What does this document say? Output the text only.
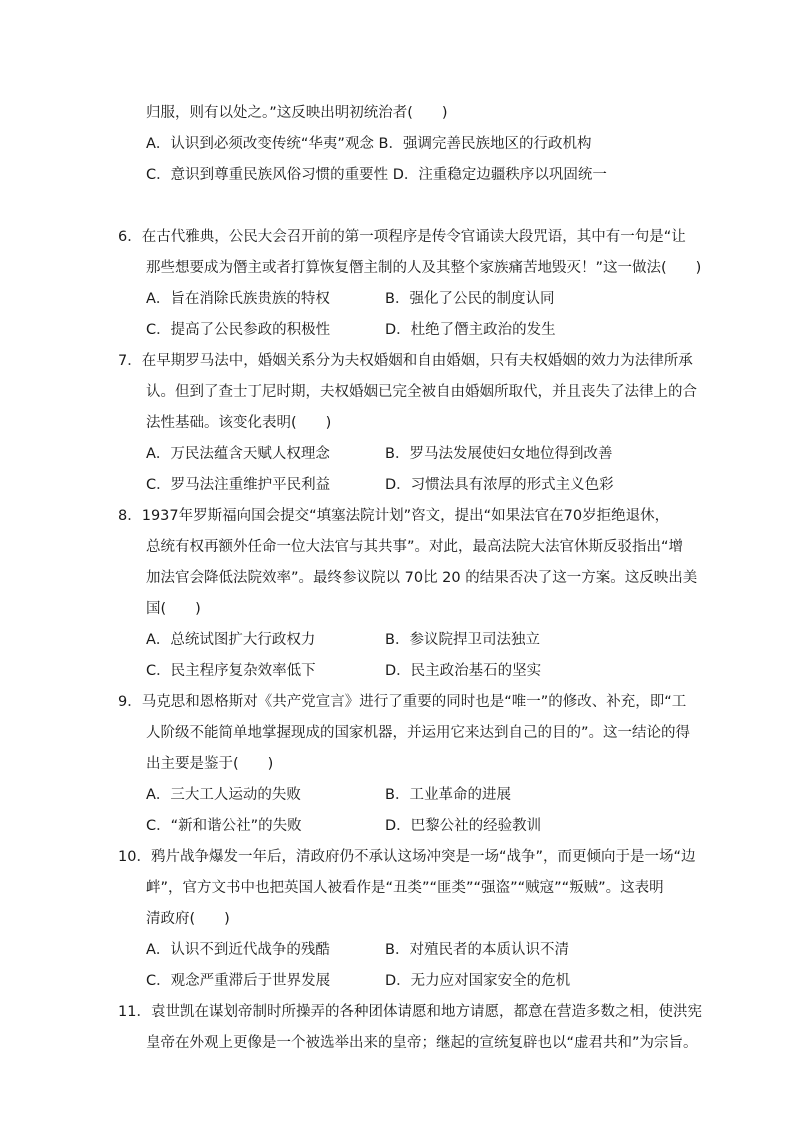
归服，则有以处之。”这反映出明初统治者(　　)
A．认识到必须改变传统“华夷”观念 B．强调完善民族地区的行政机构
C．意识到尊重民族风俗习惯的重要性 D．注重稳定边疆秩序以巩固统一
6．在古代雅典，公民大会召开前的第一项程序是传令官诵读大段咒语，其中有一句是“让
那些想要成为僭主或者打算恢复僭主制的人及其整个家族痛苦地毁灭！”这一做法(　　)
A．旨在消除氏族贵族的特权	B．强化了公民的制度认同
C．提高了公民参政的积极性	D．杜绝了僭主政治的发生
7．在早期罗马法中，婚姻关系分为夫权婚姻和自由婚姻，只有夫权婚姻的效力为法律所承
认。但到了查士丁尼时期，夫权婚姻已完全被自由婚姻所取代，并且丧失了法律上的合
法性基础。该变化表明(　　)
A．万民法蕴含天赋人权理念	B．罗马法发展使妇女地位得到改善
C．罗马法注重维护平民利益	D．习惯法具有浓厚的形式主义色彩
8．1937年罗斯福向国会提交“填塞法院计划”咨文，提出“如果法官在70岁拒绝退休，
总统有权再额外任命一位大法官与其共事”。对此，最高法院大法官休斯反驳指出“增
加法官会降低法院效率”。最终参议院以 70比 20 的结果否决了这一方案。这反映出美
国(　　)
A．总统试图扩大行政权力	B．参议院捍卫司法独立
C．民主程序复杂效率低下	D．民主政治基石的坚实
9．马克思和恩格斯对《共产党宣言》进行了重要的同时也是“唯一”的修改、补充，即“工
人阶级不能简单地掌握现成的国家机器，并运用它来达到自己的目的”。这一结论的得
出主要是鉴于(　　)
A．三大工人运动的失败	B．工业革命的进展
C．“新和谐公社”的失败	D．巴黎公社的经验教训
10．鸦片战争爆发一年后，清政府仍不承认这场冲突是一场“战争”，而更倾向于是一场“边
衅”，官方文书中也把英国人被看作是“丑类”“匪类”“强盗”“贼寇”“叛贼”。这表明
清政府(　　)
A．认识不到近代战争的残酷	B．对殖民者的本质认识不清
C．观念严重滞后于世界发展	D．无力应对国家安全的危机
11．袁世凯在谋划帝制时所操弄的各种团体请愿和地方请愿，都意在营造多数之相，使洪宪
皇帝在外观上更像是一个被选举出来的皇帝；继起的宣统复辟也以“虚君共和”为宗旨。
